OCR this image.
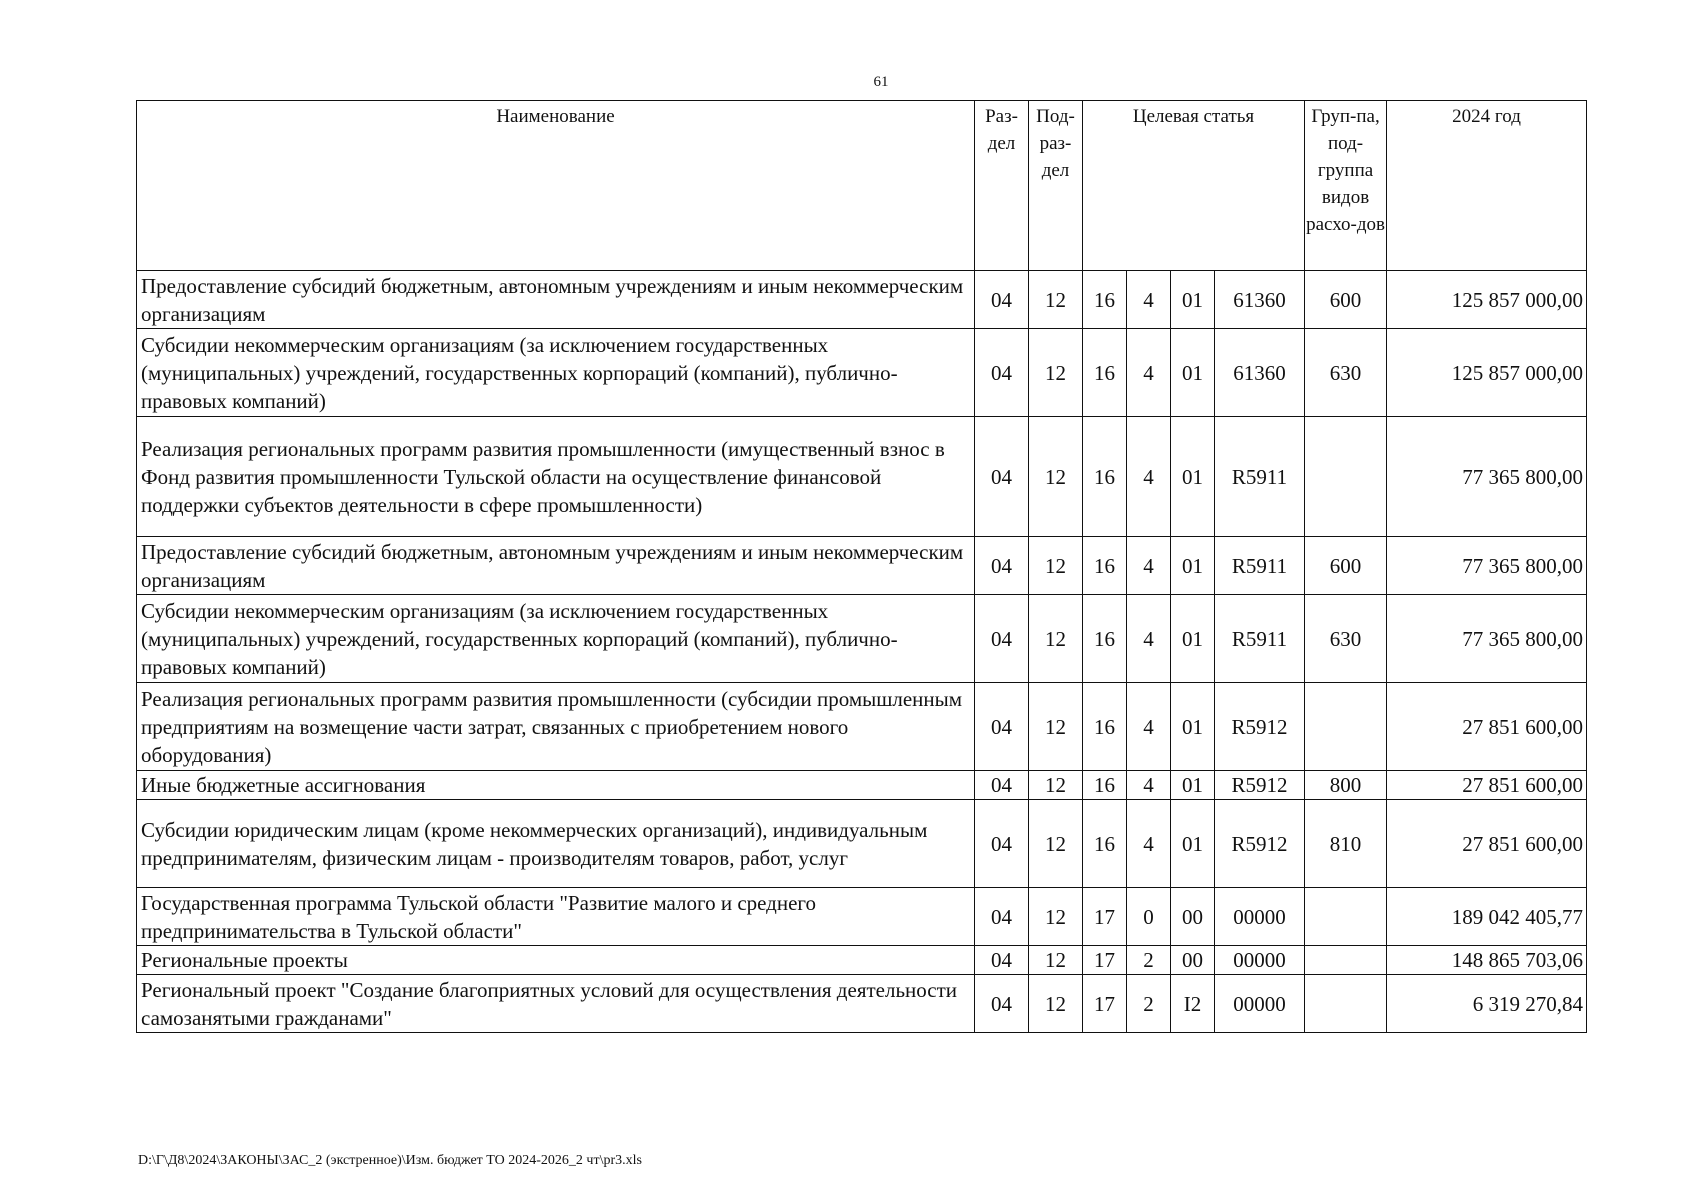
61
Наименование	Раз-дел	Под-раз-дел	Целевая статья				Груп-па, под-группа видов расхо-дов	2024 год
Предоставление субсидий бюджетным, автономным учреждениям и иным некоммерческим организациям	04	12	16	4	01	61360	600	125 857 000,00
Субсидии некоммерческим организациям (за исключением государственных (муниципальных) учреждений, государственных корпораций (компаний), публично-правовых компаний)	04	12	16	4	01	61360	630	125 857 000,00
Реализация региональных программ развития промышленности (имущественный взнос в Фонд развития промышленности Тульской области на осуществление финансовой поддержки субъектов деятельности в сфере промышленности)	04	12	16	4	01	R5911		77 365 800,00
Предоставление субсидий бюджетным, автономным учреждениям и иным некоммерческим организациям	04	12	16	4	01	R5911	600	77 365 800,00
Субсидии некоммерческим организациям (за исключением государственных (муниципальных) учреждений, государственных корпораций (компаний), публично-правовых компаний)	04	12	16	4	01	R5911	630	77 365 800,00
Реализация региональных программ развития промышленности (субсидии промышленным предприятиям на возмещение части затрат, связанных с приобретением нового оборудования)	04	12	16	4	01	R5912		27 851 600,00
Иные бюджетные ассигнования	04	12	16	4	01	R5912	800	27 851 600,00
Субсидии юридическим лицам (кроме некоммерческих организаций), индивидуальным предпринимателям, физическим лицам - производителям товаров, работ, услуг	04	12	16	4	01	R5912	810	27 851 600,00
Государственная программа Тульской области "Развитие малого и среднего предпринимательства в Тульской области"	04	12	17	0	00	00000		189 042 405,77
Региональные проекты	04	12	17	2	00	00000		148 865 703,06
Региональный проект "Создание благоприятных условий для осуществления деятельности самозанятыми гражданами"	04	12	17	2	I2	00000		6 319 270,84
D:\Г\Д8\2024\ЗАКОНЫ\ЗАС_2 (экстренное)\Изм. бюджет ТО 2024-2026_2 чт\pr3.xls
